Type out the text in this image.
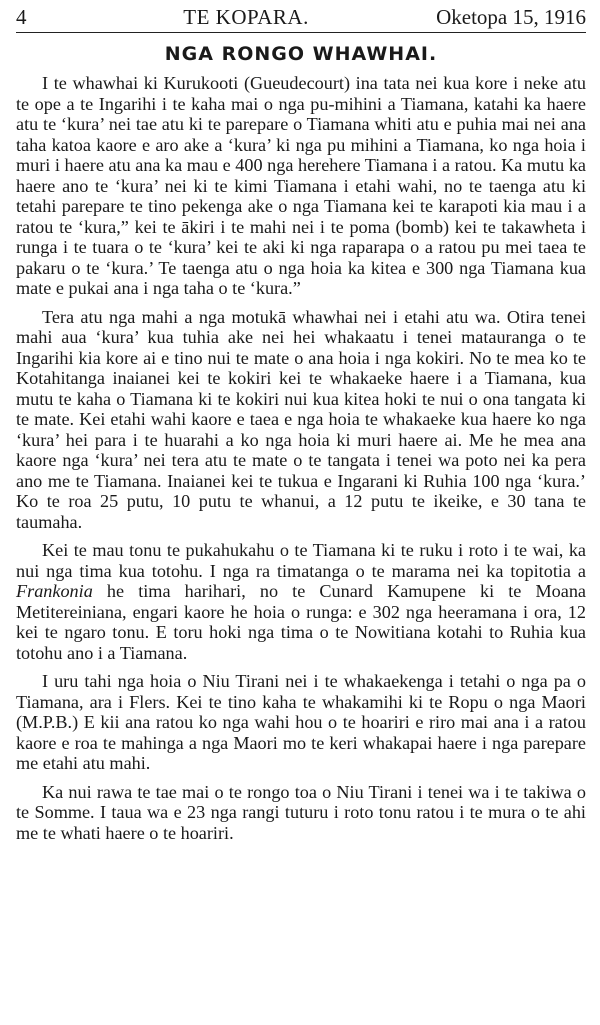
4	TE KOPARA.	Oketopa 15, 1916
NGA RONGO WHAWHAI.

I te whawhai ki Kurukooti (Gueudecourt) ina tata nei kua kore i neke atu te ope a te Ingarihi i te kaha mai o nga pu-mihini a Tiamana, katahi ka haere atu te ‘kura’ nei tae atu ki te parepare o Tiamana whiti atu e puhia mai nei ana taha katoa kaore e aro ake a ‘kura’ ki nga pu mihini a Tiamana, ko nga hoia i muri i haere atu ana ka mau e 400 nga herehere Tiamana i a ratou. Ka mutu ka haere ano te ‘kura’ nei ki te kimi Tiamana i etahi wahi, no te taenga atu ki tetahi parepare te tino pekenga ake o nga Tiamana kei te karapoti kia mau i a ratou te ‘kura,” kei te ākiri i te mahi nei i te poma (bomb) kei te takawheta i runga i te tuara o te ‘kura’ kei te aki ki nga raparapa o a ratou pu mei taea te pakaru o te ‘kura.’ Te taenga atu o nga hoia ka kitea e 300 nga Tiamana kua mate e pukai ana i nga taha o te ‘kura.”

Tera atu nga mahi a nga motukā whawhai nei i etahi atu wa. Otira tenei mahi aua ‘kura’ kua tuhia ake nei hei whakaatu i tenei matauranga o te Ingarihi kia kore ai e tino nui te mate o ana hoia i nga kokiri. No te mea ko te Kotahitanga inaianei kei te kokiri kei te whakaeke haere i a Tiamana, kua mutu te kaha o Tiamana ki te kokiri nui kua kitea hoki te nui o ona tangata ki te mate. Kei etahi wahi kaore e taea e nga hoia te whakaeke kua haere ko nga ‘kura’ hei para i te huarahi a ko nga hoia ki muri haere ai. Me he mea ana kaore nga ‘kura’ nei tera atu te mate o te tangata i tenei wa poto nei ka pera ano me te Tiamana. Inaianei kei te tukua e Ingarani ki Ruhia 100 nga ‘kura.’ Ko te roa 25 putu, 10 putu te whanui, a 12 putu te ikeike, e 30 tana te taumaha.

Kei te mau tonu te pukahukahu o te Tiamana ki te ruku i roto i te wai, ka nui nga tima kua totohu. I nga ra timatanga o te marama nei ka topitotia a Frankonia he tima harihari, no te Cunard Kamupene ki te Moana Metitereiniana, engari kaore he hoia o runga: e 302 nga heeramana i ora, 12 kei te ngaro tonu. E toru hoki nga tima o te Nowitiana kotahi to Ruhia kua totohu ano i a Tiamana.

I uru tahi nga hoia o Niu Tirani nei i te whakaekenga i tetahi o nga pa o Tiamana, ara i Flers. Kei te tino kaha te whakamihi ki te Ropu o nga Maori (M.P.B.) E kii ana ratou ko nga wahi hou o te hoariri e riro mai ana i a ratou kaore e roa te mahinga a nga Maori mo te keri whakapai haere i nga parepare me etahi atu mahi.

Ka nui rawa te tae mai o te rongo toa o Niu Tirani i tenei wa i te takiwa o te Somme. I taua wa e 23 nga rangi tuturu i roto tonu ratou i te mura o te ahi me te whati haere o te hoariri.
